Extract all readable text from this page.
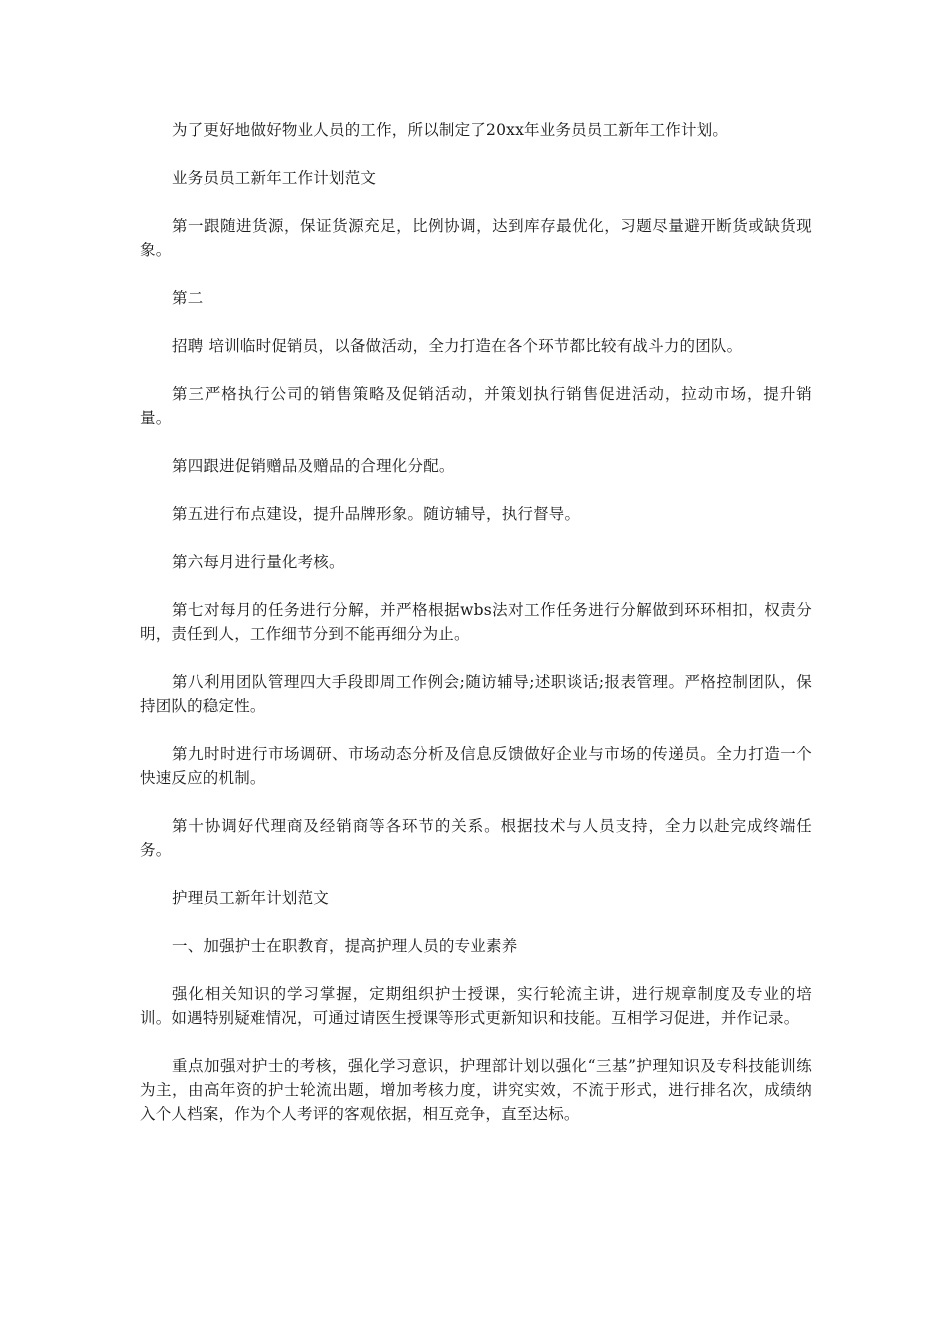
为了更好地做好物业人员的工作，所以制定了20xx年业务员员工新年工作计划。

业务员员工新年工作计划范文

第一跟随进货源，保证货源充足，比例协调，达到库存最优化，习题尽量避开断货或缺货现象。

第二

招聘 培训临时促销员，以备做活动，全力打造在各个环节都比较有战斗力的团队。

第三严格执行公司的销售策略及促销活动，并策划执行销售促进活动，拉动市场，提升销量。

第四跟进促销赠品及赠品的合理化分配。

第五进行布点建设，提升品牌形象。随访辅导，执行督导。

第六每月进行量化考核。

第七对每月的任务进行分解，并严格根据wbs法对工作任务进行分解做到环环相扣，权责分明，责任到人，工作细节分到不能再细分为止。

第八利用团队管理四大手段即周工作例会;随访辅导;述职谈话;报表管理。严格控制团队，保持团队的稳定性。

第九时时进行市场调研、市场动态分析及信息反馈做好企业与市场的传递员。全力打造一个快速反应的机制。

第十协调好代理商及经销商等各环节的关系。根据技术与人员支持，全力以赴完成终端任务。

护理员工新年计划范文

一、加强护士在职教育，提高护理人员的专业素养

强化相关知识的学习掌握，定期组织护士授课，实行轮流主讲，进行规章制度及专业的培训。如遇特别疑难情况，可通过请医生授课等形式更新知识和技能。互相学习促进，并作记录。

重点加强对护士的考核，强化学习意识，护理部计划以强化“三基”护理知识及专科技能训练为主，由高年资的护士轮流出题，增加考核力度，讲究实效，不流于形式，进行排名次，成绩纳入个人档案，作为个人考评的客观依据，相互竞争，直至达标。
